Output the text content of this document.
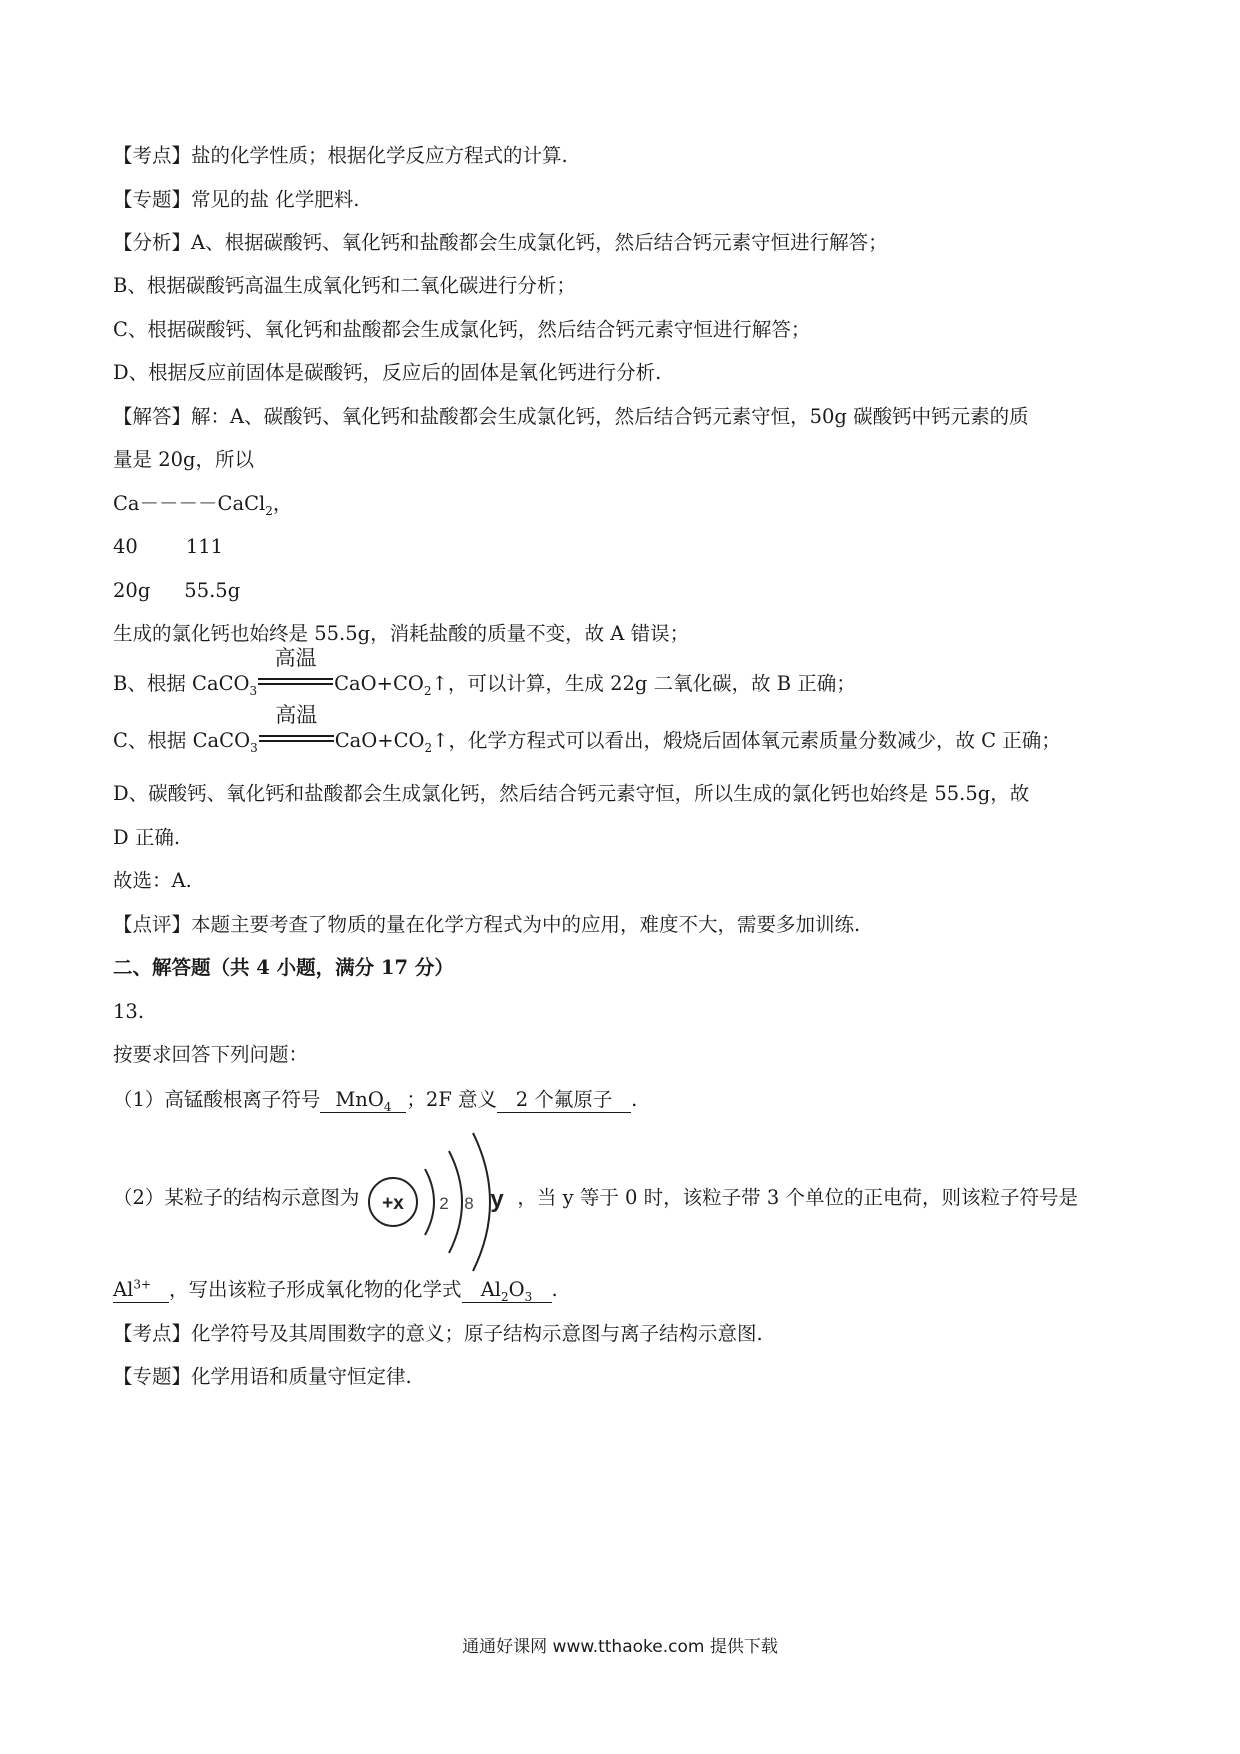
【考点】盐的化学性质；根据化学反应方程式的计算.
【专题】常见的盐 化学肥料.
【分析】A、根据碳酸钙、氧化钙和盐酸都会生成氯化钙，然后结合钙元素守恒进行解答；
B、根据碳酸钙高温生成氧化钙和二氧化碳进行分析；
C、根据碳酸钙、氧化钙和盐酸都会生成氯化钙，然后结合钙元素守恒进行解答；
D、根据反应前固体是碳酸钙，反应后的固体是氧化钙进行分析.
【解答】解：A、碳酸钙、氧化钙和盐酸都会生成氯化钙，然后结合钙元素守恒，50g 碳酸钙中钙元素的质
量是 20g，所以
Ca－－－－CaCl$_2$，
40 111
20g 55.5g
生成的氯化钙也始终是 55.5g，消耗盐酸的质量不变，故 A 错误；
B、根据 CaCO$_3$
高温
$CaO+CO_2↑$，可以计算，生成 22g 二氧化碳，故 B 正确；
C、根据 CaCO$_3$
高温
$CaO+CO_2↑$，化学方程式可以看出，煅烧后固体氧元素质量分数减少，故 C 正确；
D、碳酸钙、氧化钙和盐酸都会生成氯化钙，然后结合钙元素守恒，所以生成的氯化钙也始终是 55.5g，故
D 正确.
故选：A.
【点评】本题主要考查了物质的量在化学方程式为中的应用，难度不大，需要多加训练.
二、解答题（共 4 小题，满分 17 分）
13.
按要求回答下列问题：
（1）高锰酸根离子符号 MnO$_4$ ；2F 意义 2 个氟原子 .
（2）某粒子的结构示意图为 +x 2 8 y ，当 y 等于 0 时，该粒子带 3 个单位的正电荷，则该粒子符号是
$Al^{3+}$ ，写出该粒子形成氧化物的化学式 $Al_2O_3$ .
【考点】化学符号及其周围数字的意义；原子结构示意图与离子结构示意图.
【专题】化学用语和质量守恒定律.
通通好课网 www.tthaoke.com 提供下载
